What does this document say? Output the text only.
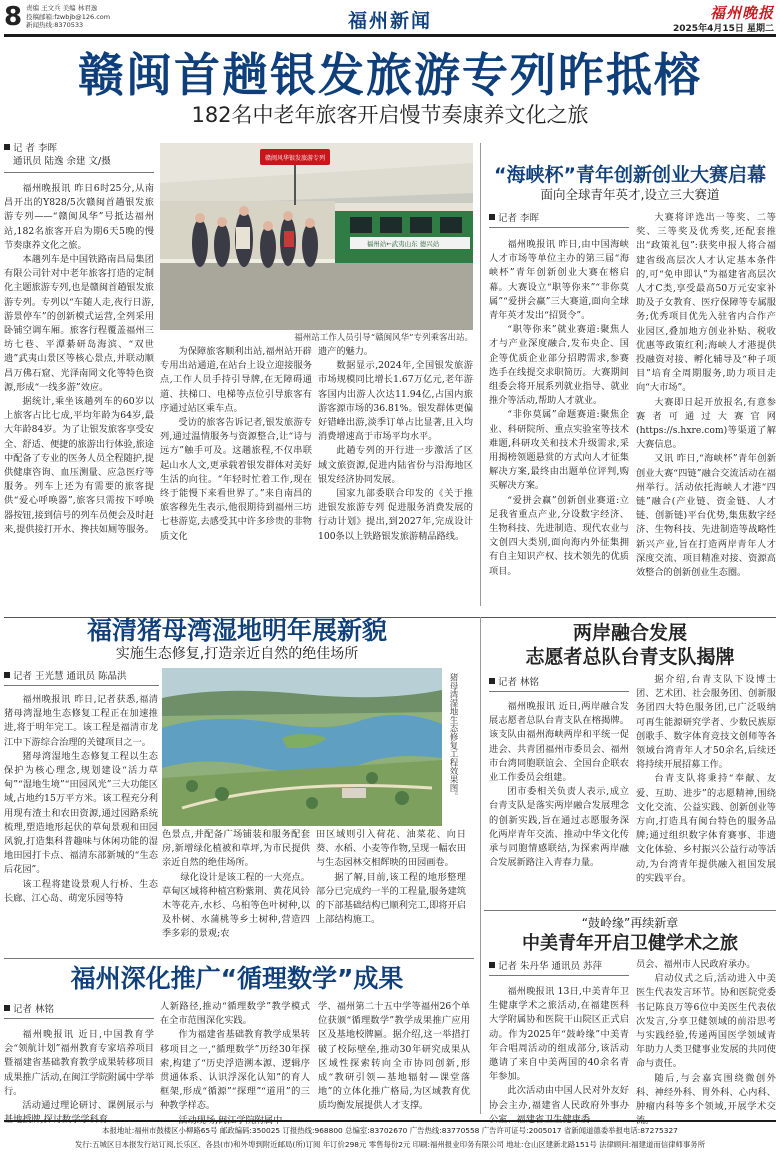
8 责编 王文兵 美编 林君逸
投稿邮箱:fzwbjb@126.com
新闻热线:8370533	福州新闻	福州晚报
2025年4月15日 星期二
赣闽首趟银发旅游专列昨抵榕
182名中老年旅客开启慢节奏康养文化之旅
记 者 李晖
通讯员 陆逸 余建 文/摄

福州晚报讯 昨日6时25分,从南昌开出的Y828/5次赣闽首趟银发旅游专列——“赣闽风华”号抵达福州站,182名旅客开启为期6天5晚的慢节奏康养文化之旅。

本趟列车是中国铁路南昌局集团有限公司针对中老年旅客打造的定制化主题旅游专列,也是赣闽首趟银发旅游专列。专列以“车随人走,夜行日游,游景停车”的创新模式运营,全列采用卧铺空调车厢。旅客行程覆盖福州三坊七巷、平潭綦研岛海滨、“双世遗”武夷山景区等核心景点,并联动顺昌万佛石窟、光泽南岡文化等特色资源,形成“一线多游”效应。

据统计,乘坐该趟列车的60岁以上旅客占比七成,平均年龄为64岁,最大年龄84岁。为了让银发旅客享受安全、舒适、便捷的旅游出行体验,旅途中配备了专业的医务人员全程随护,提供健康咨询、血压测量、应急医疗等服务。列车上还为有需要的旅客提供“爱心呼唤器”,旅客只需按下呼唤器按钮,接到信号的列车员便会及时赶来,提供接打开水、搀扶如厕等服务。

赣闽风华银发旅游专列
福州站←武夷山东 德兴站
福州站工作人员引导“赣闽风华”专列乘客出站。

为保障旅客顺利出站,福州站开辟专用出站通道,在站台上设立迎接服务点,工作人员手持引导牌,在无障碍通道、扶梯口、电梯等点位引导旅客有序通过站区乘车点。

受访的旅客告诉记者,银发旅游专列,通过温情服务与资源整合,让“诗与远方”触手可及。这趟旅程,不仅串联起山水人文,更承载着银发群体对美好生活的向往。“年轻时忙着工作,现在终于能慢下来看世界了。”来自南昌的旅客穆先生表示,他很期待到福州三坊七巷游览,去感受其中许多珍贵的非物质文化

遗产的魅力。

数据显示,2024年,全国银发旅游市场规模同比增长1.67万亿元,老年游客国内出游人次达11.94亿,占国内旅游客源市场的36.81%。银发群体更偏好错峰出游,淡季订单占比显著,且入均消费增速高于市场平均水平。

此趟专列的开行进一步激活了区域文旅资源,促进内陆省份与沿海地区银发经济协同发展。

国家九部委联合印发的《关于推进银发旅游专列 促进服务消费发展的行动计划》提出,到2027年,完成设计100条以上铁路银发旅游精品路线。

“海峡杯”青年创新创业大赛启幕
面向全球青年英才,设立三大赛道
记者 李晖

福州晚报讯 昨日,由中国海峡人才市场等单位主办的第三届“海峡杯”青年创新创业大赛在榕启幕。大赛设立“职等你来”“非你莫属”“爱拼会赢”三大赛道,面向全球青年英才发出“招贤令”。

“职等你来”就业赛道:聚焦人才与产业深度融合,发布央企、国企等优质企业部分招聘需求,参赛选手在线提交求职简历。大赛期间组委会将开展系列就业指导、就业推介等活动,帮助人才就业。

“非你莫属”命题赛道:聚焦企业、科研院所、重点实验室等技术难题,科研攻关和技术升级需求,采用揭榜领题悬赏的方式向人才征集解决方案,最终由出题单位评判,购买解决方案。

“爱拼会赢”创新创业赛道:立足我省重点产业,分设数字经济、生物科技、先进制造、现代农业与文创四大类别,面向海内外征集拥有自主知识产权、技术领先的优质项目。

大赛将评选出一等奖、二等奖、三等奖及优秀奖,还配套推出“政策礼包”:获奖申报人将合福建省级高层次人才认定基本条件的,可“免申即认”为福建省高层次人才C类,享受最高50万元安家补助及子女教育、医疗保障等专属服务;优秀项目优先入驻省内合作产业园区,叠加地方创业补贴、税收优惠等政策红利;海峡人才港提供投融资对接、孵化辅导及“种子项目”培育全周期服务,助力项目走向“大市场”。

大赛即日起开放报名,有意参赛者可通过大赛官网(https://s.hxre.com)等渠道了解大赛信息。

又讯 昨日,“海峡杯”青年创新创业大赛“四链”融合交流活动在福州举行。活动依托海峡人才港“四链”融合(产业链、资金链、人才链、创新链)平台优势,集焦数字经济、生物科技、先进制造等战略性新兴产业,旨在打造两岸青年人才深度交流、项目精准对接、资源高效整合的创新创业生态圈。

福清猪母湾湿地明年展新貌
实施生态修复,打造亲近自然的绝佳场所
记者 王光慧 通讯员 陈晶洪

福州晚报讯 昨日,记者获悉,福清猪母湾湿地生态修复工程正在加速推进,将于明年完工。该工程是福清市龙江中下游综合治理的关键项目之一。

猪母湾湿地生态修复工程以生态保护为核心理念,规划建设“活力草甸”“湿地生境”“田园风光”三大功能区域,占地约15万平方米。该工程充分利用现有渣土和农田资源,通过园路系统梳理,塑造地形起伏的草甸景观和田园风貌,打造集科普趣味与休闲功能的湿地田园打卡点、福清东部新城的“生态后花园”。

该工程将建设景观人行桥、生态长廊、江心岛、萌宠乐园等特

猪母湾湿地生态修复工程效果图。

色景点,并配备广场铺装和服务配套房,新增绿化植被和草坪,为市民提供亲近自然的绝佳场所。

绿化设计是该工程的一大亮点。草甸区域将种植宫粉紫荆、黄花风铃木等花卉,水杉、乌桕等色叶树种,以及朴树、水蒲桃等乡土树种,营造四季多彩的景观;农

田区域则引入荷花、油菜花、向日葵、水稻、小麦等作物,呈现一幅农田与生态园林交相辉映的田园画卷。

据了解,目前,该工程的地形整理部分已完成约一半的工程量,服务建筑的下部基础结构已顺利完工,即将开启上部结构施工。

两岸融合发展
志愿者总队台青支队揭牌
记者 林铭

福州晚报讯 近日,两岸融合发展志愿者总队台青支队在榕揭牌。该支队由福州海峡两岸和平统一促进会、共青团福州市委员会、福州市台湾同胞联谊会、全国台企联农业工作委员会组建。

团市委相关负责人表示,成立台青支队是落实两岸融合发展理念的创新实践,旨在通过志愿服务深化两岸青年交流、推动中华文化传承与同胞情感联结,为探索两岸融合发展新路注入青春力量。

据介绍,台青支队下设博士团、艺术团、社会服务团、创新服务团四大特色服务团,已广泛吸纳可再生能源研究学者、少数民族原创歌手、数字体育竞技文创师等各领域台湾青年人才50余名,后续还将持续开展招募工作。

台青支队将秉持“奉献、友爱、互助、进步”的志愿精神,围绕文化交流、公益实践、创新创业等方向,打造具有闽台特色的服务品牌;通过组织数字体育赛事、非遗文化体验、乡村振兴公益行动等活动,为台湾青年提供融入祖国发展的实践平台。

“鼓岭缘”再续新章
中美青年开启卫健学术之旅
记者 朱丹华 通讯员 苏萍

福州晚报讯 13日,中美青年卫生健康学术之旅活动,在福建医科大学附属协和医院干山院区正式启动。作为2025年“鼓岭缘”中美青年合唱周活动的组成部分,该活动邀请了来自中美两国的40余名青年参加。

此次活动由中国人民对外友好协会主办,福建省人民政府外事办公室、福建省卫生健康委

员会、福州市人民政府承办。

启动仪式之后,活动进入中美医生代表发言环节。协和医院党委书记陈良万等6位中美医生代表依次发言,分享卫健领域的前沿思考与实践经验,传递两国医学领域青年助力人类卫健事业发展的共同使命与责任。

随后,与会嘉宾围绕微创外科、神经外科、胃外科、心内科、肿瘤内科等多个领域,开展学术交流。

福州深化推广“循理数学”成果
记者 林铭

福州晚报讯 近日,中国教育学会“领航计划”福州教育专家培养项目暨福建省基础教育教学成果转移项目成果推广活动,在闽江学院附属中学举行。

活动通过理论研讨、课例展示与基地授牌,探讨数学学科育

人新路径,推动“循理数学”教学模式在全市范围深化实践。

作为福建省基础教育教学成果转移项目之一,“循理数学”历经30年探索,构建了“历史浮造溯本源、逻辑序贯通体系、认识浮深化认知”的育人框架,形成“循源”“探理”“道用”的三种教学样态。

活动现场,闽江学院附属中

学、福州第二十五中学等福州26个单位获颁“循理数学”教学成果推广应用区及基地校牌匾。据介绍,这一举措打破了校际壁垒,推动30年研究成果从区域性探索转向全市协同创新,形成“教研引领—基地辐射—课堂落地”的立体化推广格局,为区域教育优质均衡发展提供人才支撑。

本报地址:福州市鼓楼区小柳路65号 邮政编码:350025 订报热线:968800 总编室:83702670 广告热线:83770558 广告许可证号:2005017 省新闻道德委举报电话:87275327
发行:五城区日本报发行站订阅,长乐区、各县(市)和外埠到附近邮局(所)订阅 年订价298元 零售每份2元 印刷:福州报业印务有限公司 地址:仓山区建新北路151号 法律顾问:福建道而信律师事务所
